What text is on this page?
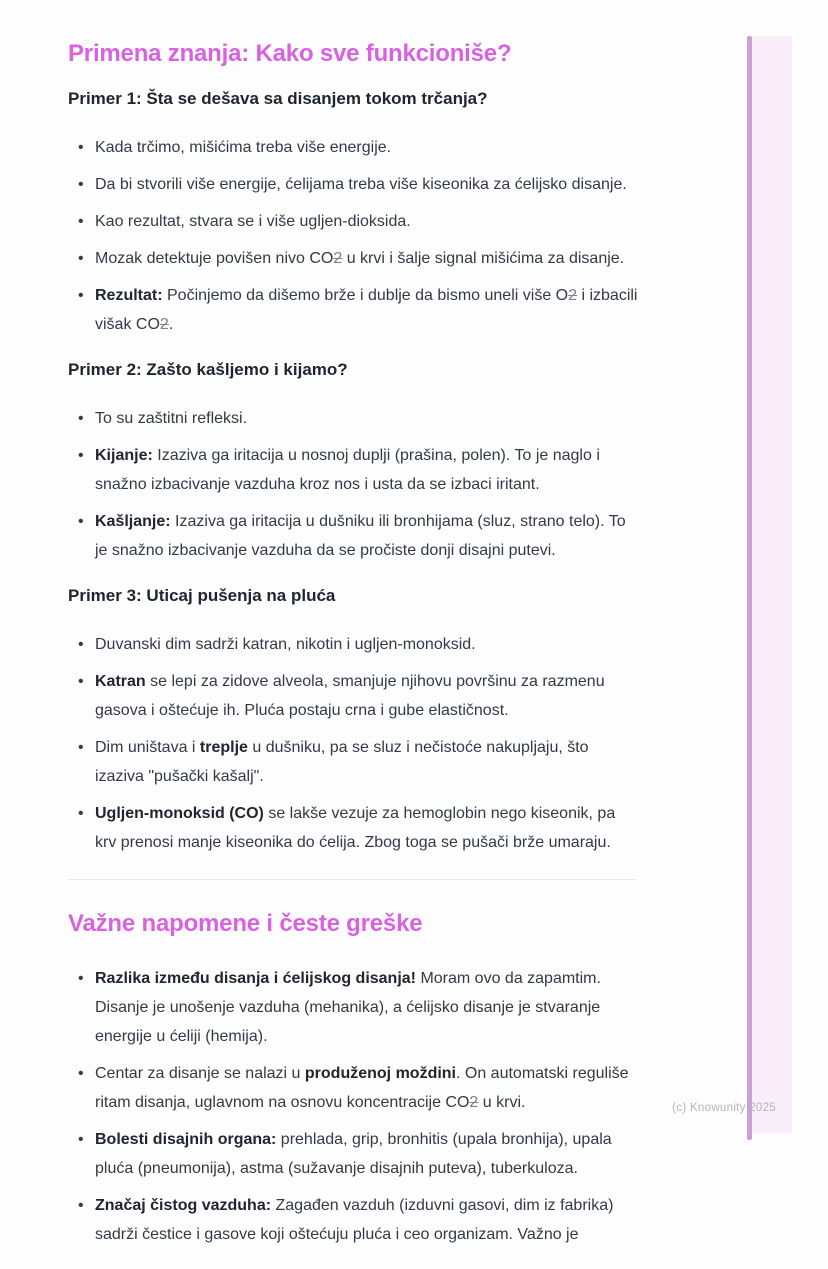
(c) Knowunity 2025
Primena znanja: Kako sve funkcioniše?
Primer 1: Šta se dešava sa disanjem tokom trčanja?
•
Kada trčimo, mišićima treba više energije.
•
Da bi stvorili više energije, ćelijama treba više kiseonika za ćelijsko disanje.
•
Kao rezultat, stvara se i više ugljen-dioksida.
•
Mozak detektuje povišen nivo CO2 u krvi i šalje signal mišićima za disanje.
•
Rezultat: Počinjemo da dišemo brže i dublje da bismo uneli više O2 i izbacili višak CO2.
Primer 2: Zašto kašljemo i kijamo?
•
To su zaštitni refleksi.
•
Kijanje: Izaziva ga iritacija u nosnoj duplji (prašina, polen). To je naglo i snažno izbacivanje vazduha kroz nos i usta da se izbaci iritant.
•
Kašljanje: Izaziva ga iritacija u dušniku ili bronhijama (sluz, strano telo). To je snažno izbacivanje vazduha da se pročiste donji disajni putevi.
Primer 3: Uticaj pušenja na pluća
•
Duvanski dim sadrži katran, nikotin i ugljen-monoksid.
•
Katran se lepi za zidove alveola, smanjuje njihovu površinu za razmenu gasova i oštećuje ih. Pluća postaju crna i gube elastičnost.
•
Dim uništava i treplje u dušniku, pa se sluz i nečistoće nakupljaju, što izaziva "pušački kašalj".
•
Ugljen-monoksid (CO) se lakše vezuje za hemoglobin nego kiseonik, pa krv prenosi manje kiseonika do ćelija. Zbog toga se pušači brže umaraju.
Važne napomene i česte greške
•
Razlika između disanja i ćelijskog disanja! Moram ovo da zapamtim. Disanje je unošenje vazduha (mehanika), a ćelijsko disanje je stvaranje energije u ćeliji (hemija).
•
Centar za disanje se nalazi u produženoj moždini. On automatski reguliše ritam disanja, uglavnom na osnovu koncentracije CO2 u krvi.
•
Bolesti disajnih organa: prehlada, grip, bronhitis (upala bronhija), upala pluća (pneumonija), astma (sužavanje disajnih puteva), tuberkuloza.
•
Značaj čistog vazduha: Zagađen vazduh (izduvni gasovi, dim iz fabrika) sadrži čestice i gasove koji oštećuju pluća i ceo organizam. Važno je
